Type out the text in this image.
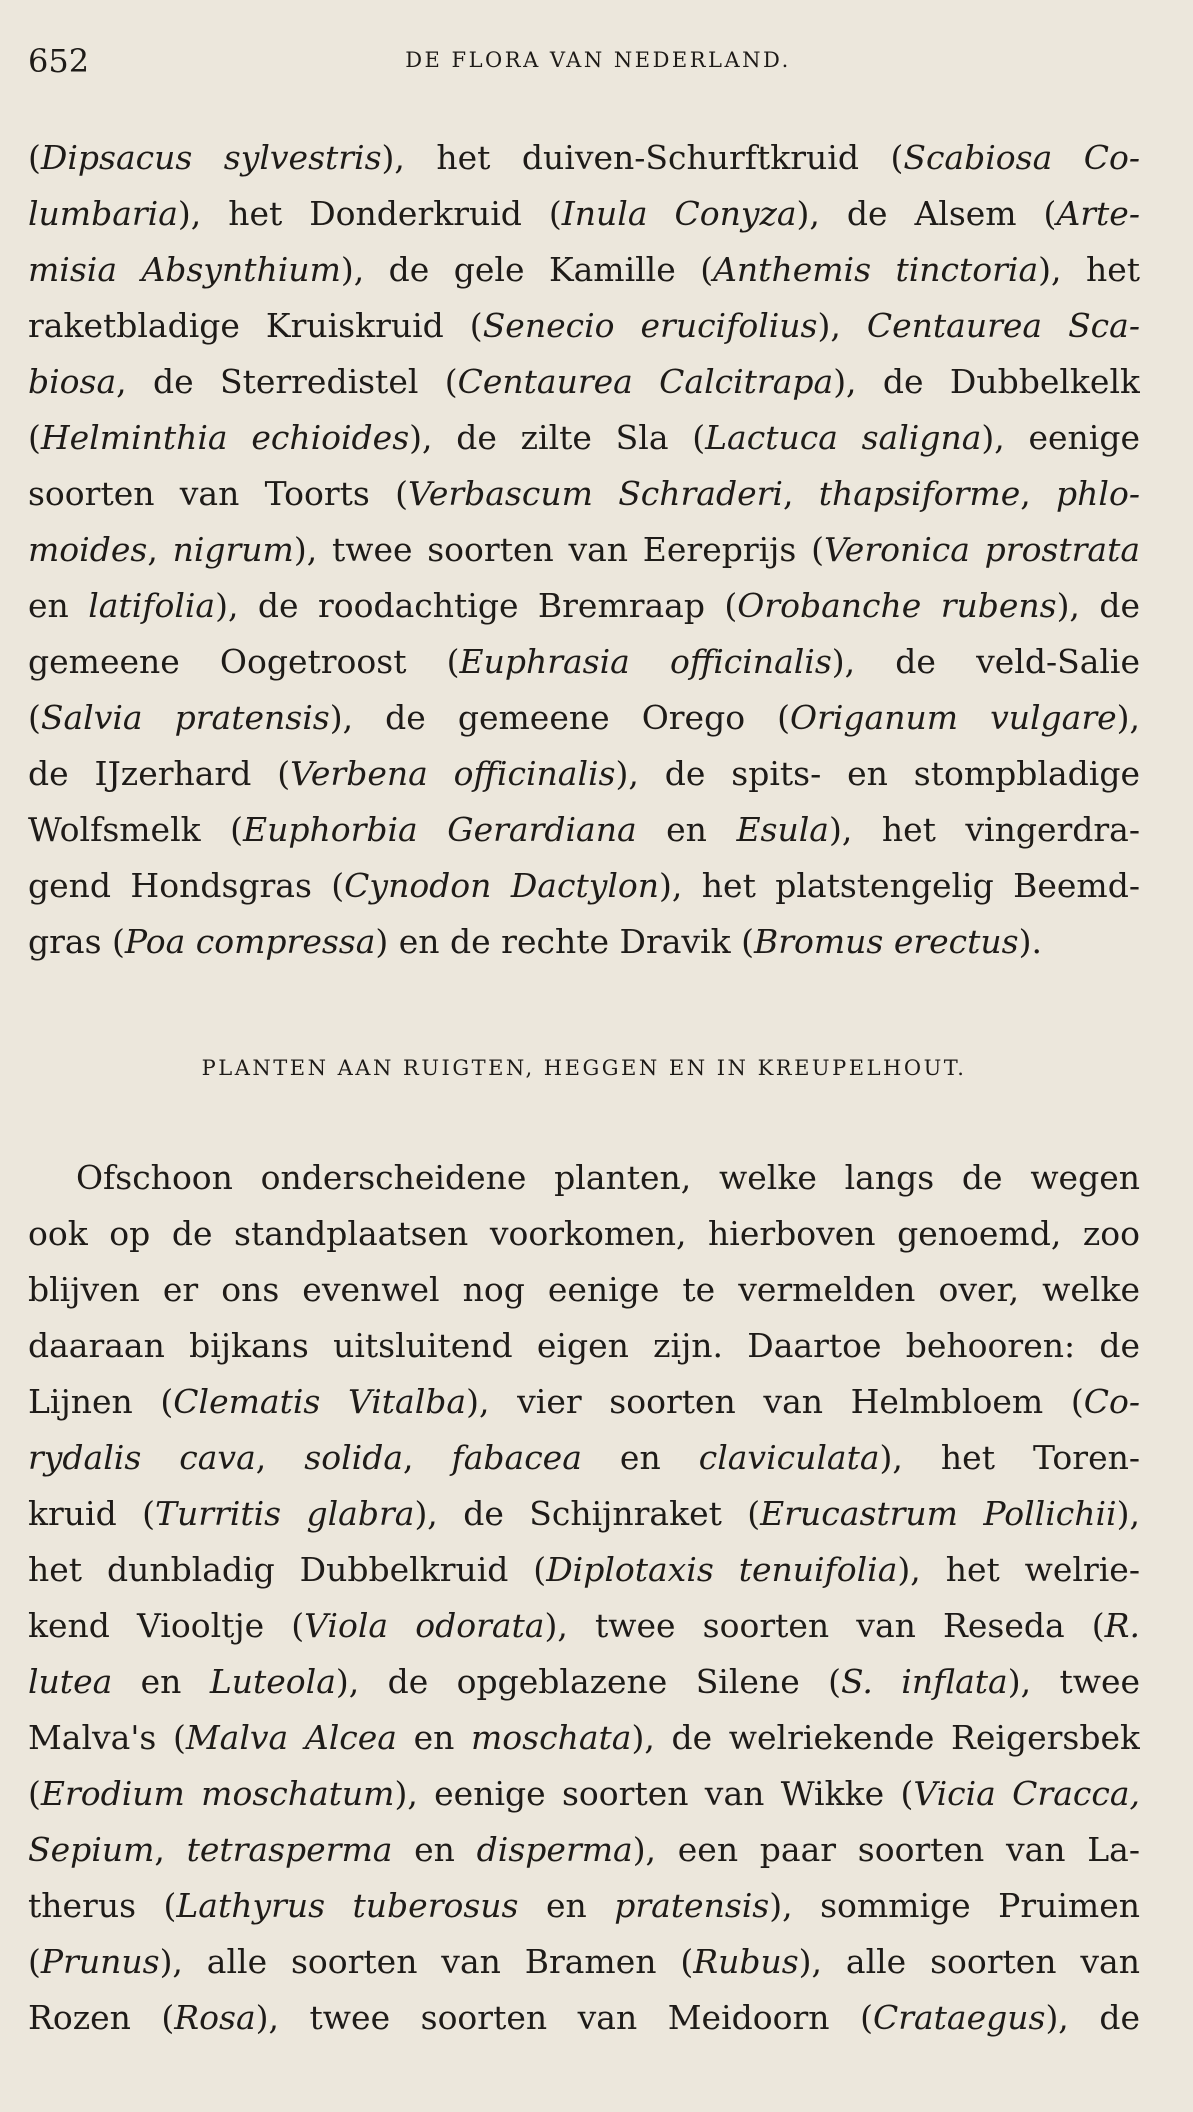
652	DE FLORA VAN NEDERLAND.
(Dipsacus sylvestris), het duiven-Schurftkruid (Scabiosa Co-
lumbaria), het Donderkruid (Inula Conyza), de Alsem (Arte-
misia Absynthium), de gele Kamille (Anthemis tinctoria), het
raketbladige Kruiskruid (Senecio erucifolius), Centaurea Sca-
biosa, de Sterredistel (Centaurea Calcitrapa), de Dubbelkelk
(Helminthia echioides), de zilte Sla (Lactuca saligna), eenige
soorten van Toorts (Verbascum Schraderi, thapsiforme, phlo-
moides, nigrum), twee soorten van Eereprijs (Veronica prostrata
en latifolia), de roodachtige Bremraap (Orobanche rubens), de
gemeene Oogetroost (Euphrasia officinalis), de veld-Salie
(Salvia pratensis), de gemeene Orego (Origanum vulgare),
de IJzerhard (Verbena officinalis), de spits- en stompbladige
Wolfsmelk (Euphorbia Gerardiana en Esula), het vingerdra-
gend Hondsgras (Cynodon Dactylon), het platstengelig Beemd-
gras (Poa compressa) en de rechte Dravik (Bromus erectus).
PLANTEN AAN RUIGTEN, HEGGEN EN IN KREUPELHOUT.
Ofschoon onderscheidene planten, welke langs de wegen
ook op de standplaatsen voorkomen, hierboven genoemd, zoo
blijven er ons evenwel nog eenige te vermelden over, welke
daaraan bijkans uitsluitend eigen zijn. Daartoe behooren: de
Lijnen (Clematis Vitalba), vier soorten van Helmbloem (Co-
rydalis cava, solida, fabacea en claviculata), het Toren-
kruid (Turritis glabra), de Schijnraket (Erucastrum Pollichii),
het dunbladig Dubbelkruid (Diplotaxis tenuifolia), het welrie-
kend Viooltje (Viola odorata), twee soorten van Reseda (R.
lutea en Luteola), de opgeblazene Silene (S. inflata), twee
Malva's (Malva Alcea en moschata), de welriekende Reigersbek
(Erodium moschatum), eenige soorten van Wikke (Vicia Cracca,
Sepium, tetrasperma en disperma), een paar soorten van La-
therus (Lathyrus tuberosus en pratensis), sommige Pruimen
(Prunus), alle soorten van Bramen (Rubus), alle soorten van
Rozen (Rosa), twee soorten van Meidoorn (Crataegus), de
